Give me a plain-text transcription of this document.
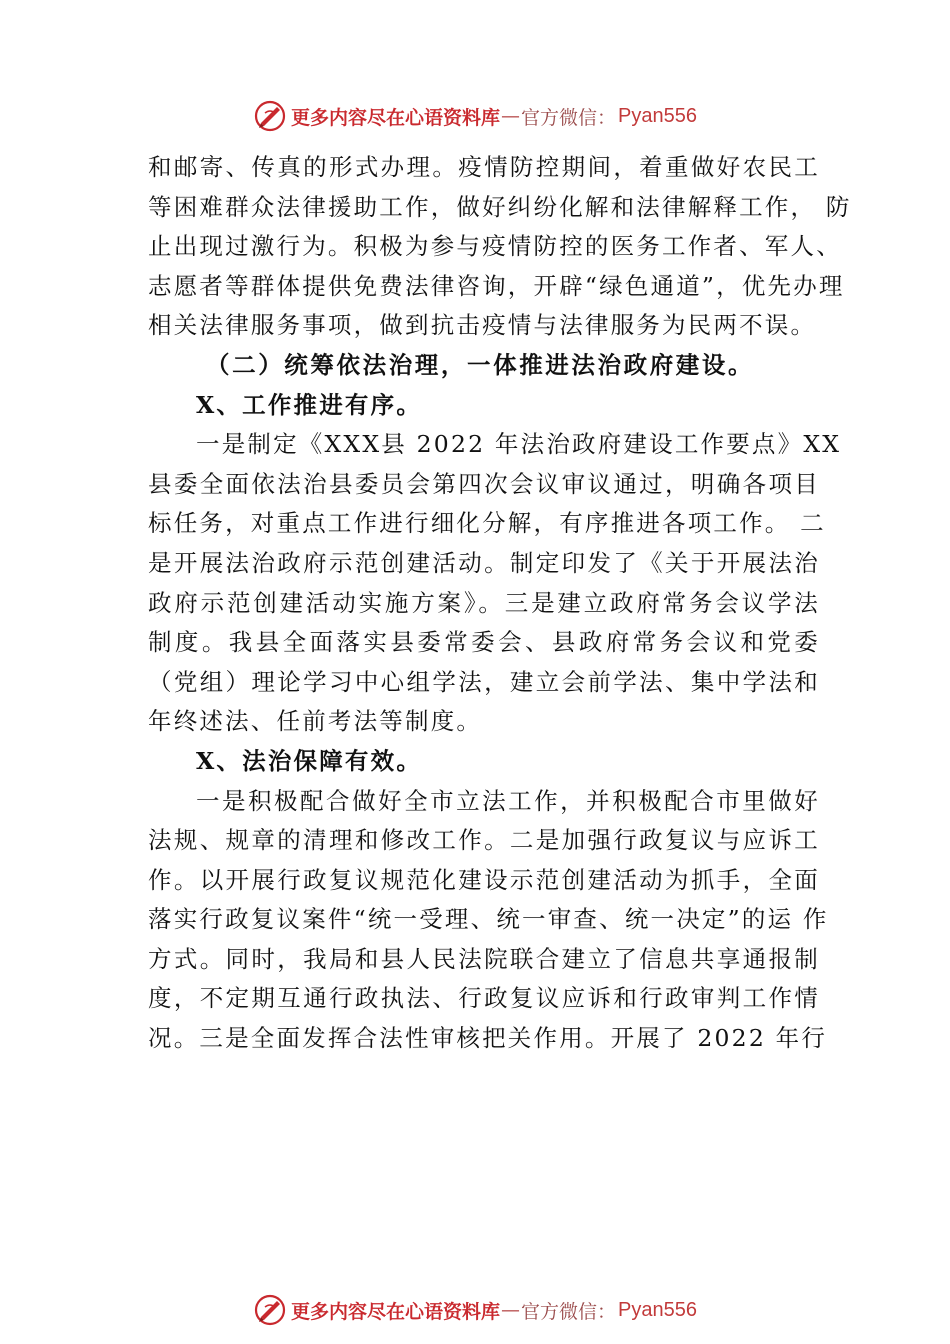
更多内容尽在心语资料库 — 官方微信： Pyan556
和邮寄、传真的形式办理。疫情防控期间，着重做好农民工
等困难群众法律援助工作，做好纠纷化解和法律解释工作， 防
止出现过激行为。积极为参与疫情防控的医务工作者、军人、
志愿者等群体提供免费法律咨询，开辟“绿色通道”，优先办理
相关法律服务事项，做到抗击疫情与法律服务为民两不误。
（二）统筹依法治理，一体推进法治政府建设。
X、工作推进有序。
一是制定《XXX县 2022 年法治政府建设工作要点》XX
县委全面依法治县委员会第四次会议审议通过，明确各项目
标任务，对重点工作进行细化分解，有序推进各项工作。 二
是开展法治政府示范创建活动。制定印发了《关于开展法治
政府示范创建活动实施方案》。三是建立政府常务会议学法
制度。我县全面落实县委常委会、县政府常务会议和党委
（党组）理论学习中心组学法，建立会前学法、集中学法和
年终述法、任前考法等制度。
X、法治保障有效。
一是积极配合做好全市立法工作，并积极配合市里做好
法规、规章的清理和修改工作。二是加强行政复议与应诉工
作。以开展行政复议规范化建设示范创建活动为抓手，全面
落实行政复议案件“统一受理、统一审查、统一决定”的运 作
方式。同时，我局和县人民法院联合建立了信息共享通报制
度，不定期互通行政执法、行政复议应诉和行政审判工作情
况。三是全面发挥合法性审核把关作用。开展了 2022 年行
更多内容尽在心语资料库 — 官方微信： Pyan556
